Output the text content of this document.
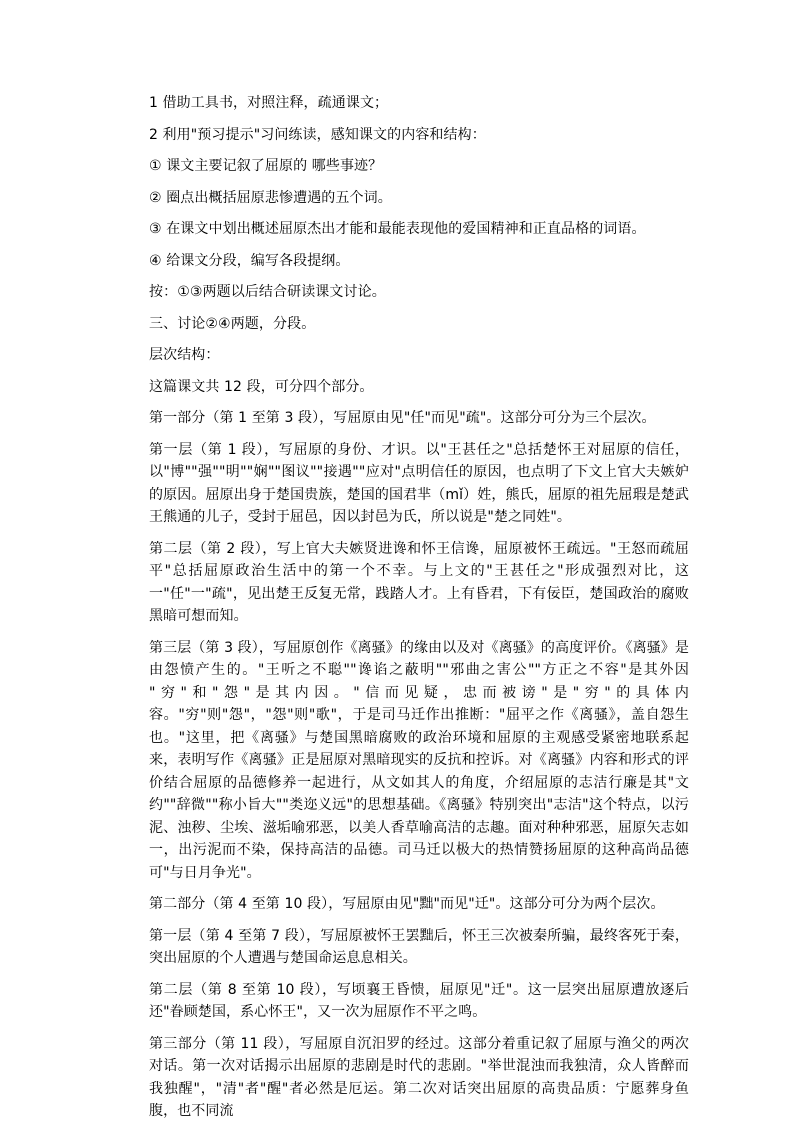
1 借助工具书，对照注释，疏通课文；

2 利用"预习提示"习问练读，感知课文的内容和结构：

① 课文主要记叙了屈原的 哪些事迹？

② 圈点出概括屈原悲惨遭遇的五个词。

③ 在课文中划出概述屈原杰出才能和最能表现他的爱国精神和正直品格的词语。

④ 给课文分段，编写各段提纲。

按：①③两题以后结合研读课文讨论。

三、讨论②④两题，分段。

层次结构：

这篇课文共 12 段，可分四个部分。

第一部分（第 1 至第 3 段），写屈原由见"任"而见"疏"。这部分可分为三个层次。

第一层（第 1 段），写屈原的身份、才识。以"王甚任之"总括楚怀王对屈原的信任，以"博""强""明""娴""图议""接遇""应对"点明信任的原因，也点明了下文上官大夫嫉妒的原因。屈原出身于楚国贵族，楚国的国君芈（mǐ）姓，熊氏，屈原的祖先屈瑕是楚武王熊通的儿子，受封于屈邑，因以封邑为氏，所以说是"楚之同姓"。

第二层（第 2 段），写上官大夫嫉贤进谗和怀王信谗，屈原被怀王疏远。"王怒而疏屈平"总括屈原政治生活中的第一个不幸。与上文的"王甚任之"形成强烈对比，这一"任"一"疏"，见出楚王反复无常，践踏人才。上有昏君，下有佞臣，楚国政治的腐败黑暗可想而知。

第三层（第 3 段），写屈原创作《离骚》的缘由以及对《离骚》的高度评价。《离骚》是由怨愤产生的。"王听之不聪""谗谄之蔽明""邪曲之害公""方正之不容"是其外因 "穷"和"怨"是其内因。"信而见疑，忠而被谤"是"穷"的具体内容。"穷"则"怨"，"怨"则"歌"，于是司马迁作出推断："屈平之作《离骚》，盖自怨生也。"这里，把《离骚》与楚国黑暗腐败的政治环境和屈原的主观感受紧密地联系起来，表明写作《离骚》正是屈原对黑暗现实的反抗和控诉。对《离骚》内容和形式的评价结合屈原的品德修养一起进行，从文如其人的角度，介绍屈原的志洁行廉是其"文约""辞微""称小旨大""类迩义远"的思想基础。《离骚》特别突出"志洁"这个特点，以污泥、浊秽、尘埃、滋垢喻邪恶，以美人香草喻高洁的志趣。面对种种邪恶，屈原矢志如一，出污泥而不染，保持高洁的品德。司马迁以极大的热情赞扬屈原的这种高尚品德可"与日月争光"。

第二部分（第 4 至第 10 段），写屈原由见"黜"而见"迁"。这部分可分为两个层次。

第一层（第 4 至第 7 段），写屈原被怀王罢黜后，怀王三次被秦所骗，最终客死于秦，突出屈原的个人遭遇与楚国命运息息相关。

第二层（第 8 至第 10 段），写顷襄王昏愦，屈原见"迁"。这一层突出屈原遭放逐后还"眷顾楚国，系心怀王"，又一次为屈原作不平之鸣。

第三部分（第 11 段），写屈原自沉汨罗的经过。这部分着重记叙了屈原与渔父的两次对话。第一次对话揭示出屈原的悲剧是时代的悲剧。"举世混浊而我独清，众人皆醉而我独醒"，"清"者"醒"者必然是厄运。第二次对话突出屈原的高贵品质：宁愿葬身鱼腹，也不同流
